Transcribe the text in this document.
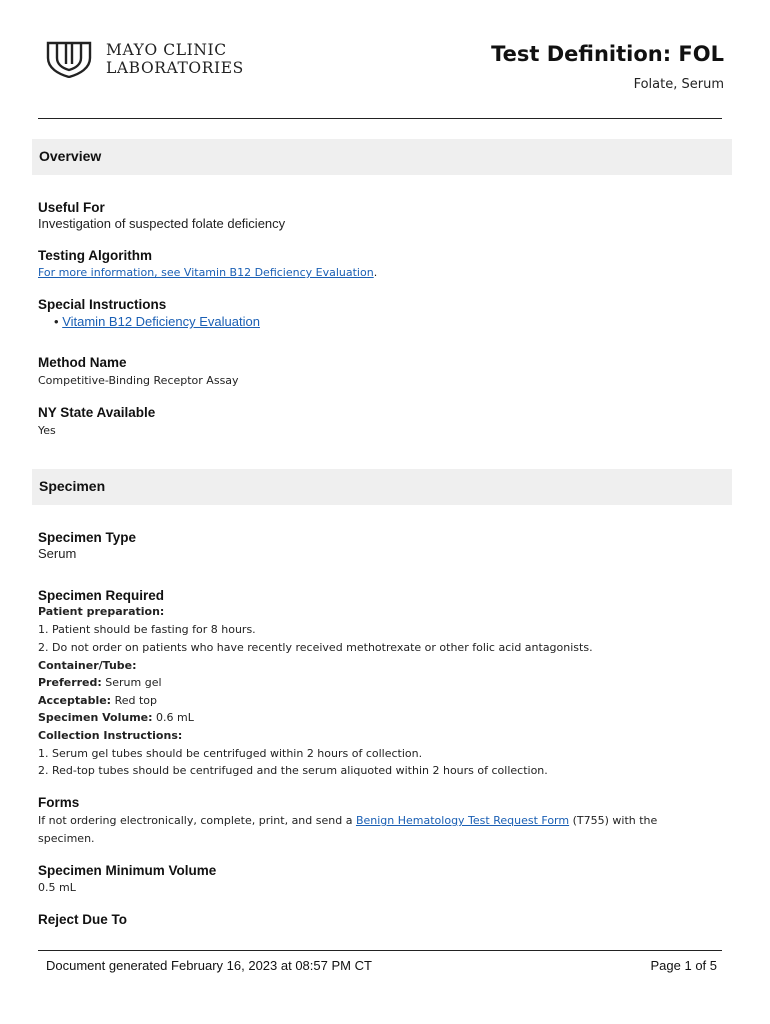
MAYO CLINIC
LABORATORIES
Test Definition: FOL
Folate, Serum
Overview
Useful For
Investigation of suspected folate deficiency
Testing Algorithm
For more information, see Vitamin B12 Deficiency Evaluation.
Special Instructions
• Vitamin B12 Deficiency Evaluation
Method Name
Competitive-Binding Receptor Assay
NY State Available
Yes
Specimen
Specimen Type
Serum
Specimen Required
Patient preparation:
1. Patient should be fasting for 8 hours.
2. Do not order on patients who have recently received methotrexate or other folic acid antagonists.
Container/Tube:
Preferred: Serum gel
Acceptable: Red top
Specimen Volume: 0.6 mL
Collection Instructions:
1. Serum gel tubes should be centrifuged within 2 hours of collection.
2. Red-top tubes should be centrifuged and the serum aliquoted within 2 hours of collection.
Forms
If not ordering electronically, complete, print, and send a Benign Hematology Test Request Form (T755) with the
specimen.
Specimen Minimum Volume
0.5 mL
Reject Due To
Document generated February 16, 2023 at 08:57 PM CT	Page 1 of 5
